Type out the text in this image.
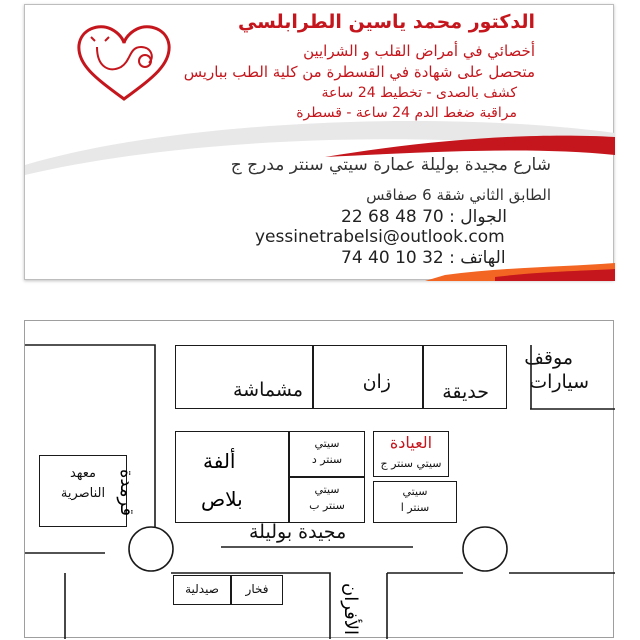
الدكتور محمد ياسين الطرابلسي
أخصائي في أمراض القلب و الشرايين
متحصل على شهادة في القسطرة من كلية الطب بباريس
كشف بالصدى - تخطيط 24 ساعة
مراقبة ضغط الدم 24 ساعة - قسطرة
شارع مجيدة بوليلة عمارة سيتي سنتر مدرج ج
الطابق الثاني شقة 6 صفاقس
22 68 48 70 : الجوال
yessinetrabelsi@outlook.com
74 40 10 32 : الهاتف
موقف
سيارات
حديقة
زان
مشماشة
ألفة
بلاص
سيتي
سنتر د
سيتي
سنتر ب
العيادة
سيتي سنتر ج
سيتي
سنتر ا
معهد
الناصرية قرمدة
مجيدة بوليلة
صيدلية	فخار	الأفران
